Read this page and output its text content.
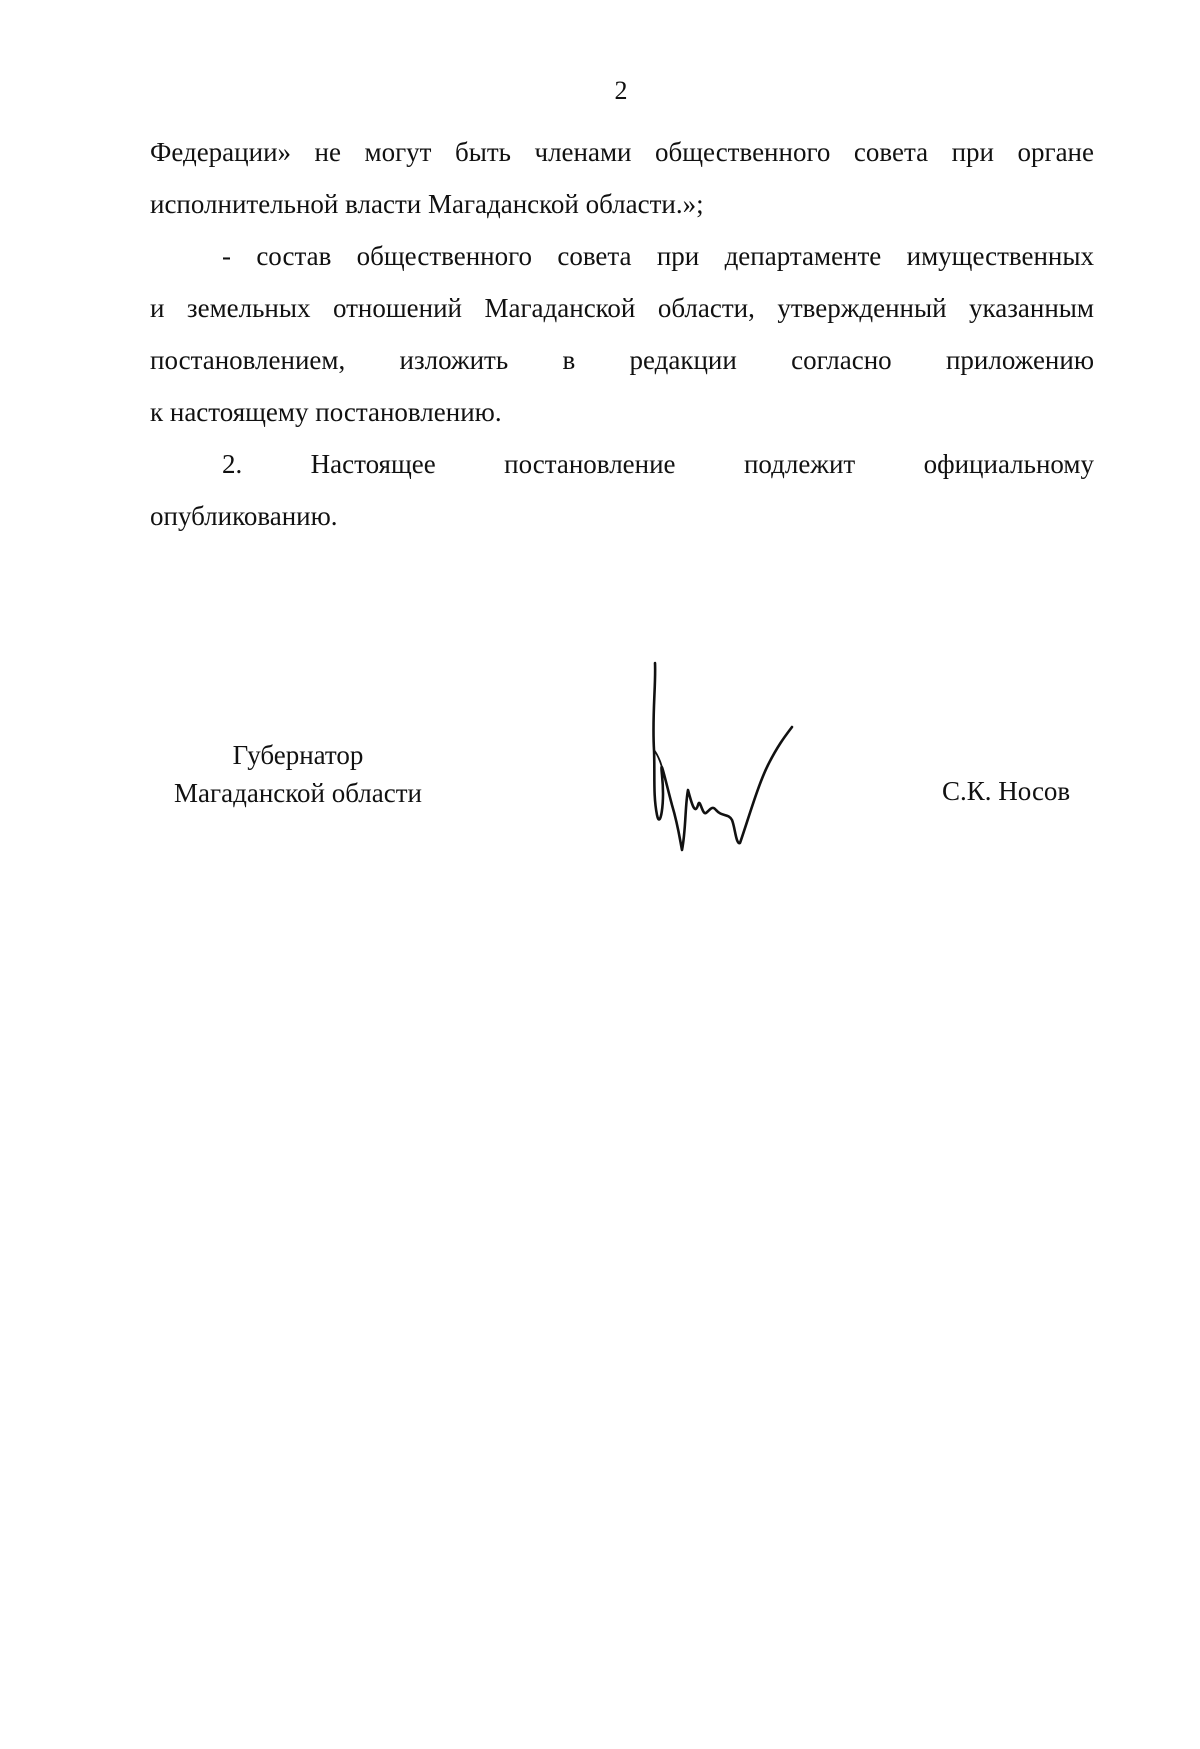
2

Федерации» не могут быть членами общественного совета при органе
исполнительной власти Магаданской области.»;

- состав общественного совета при департаменте имущественных
и земельных отношений Магаданской области, утвержденный указанным
постановлением, изложить в редакции согласно приложению
к настоящему постановлению.

2. Настоящее постановление подлежит официальному
опубликованию.

Губернатор
Магаданской области	С.К. Носов
